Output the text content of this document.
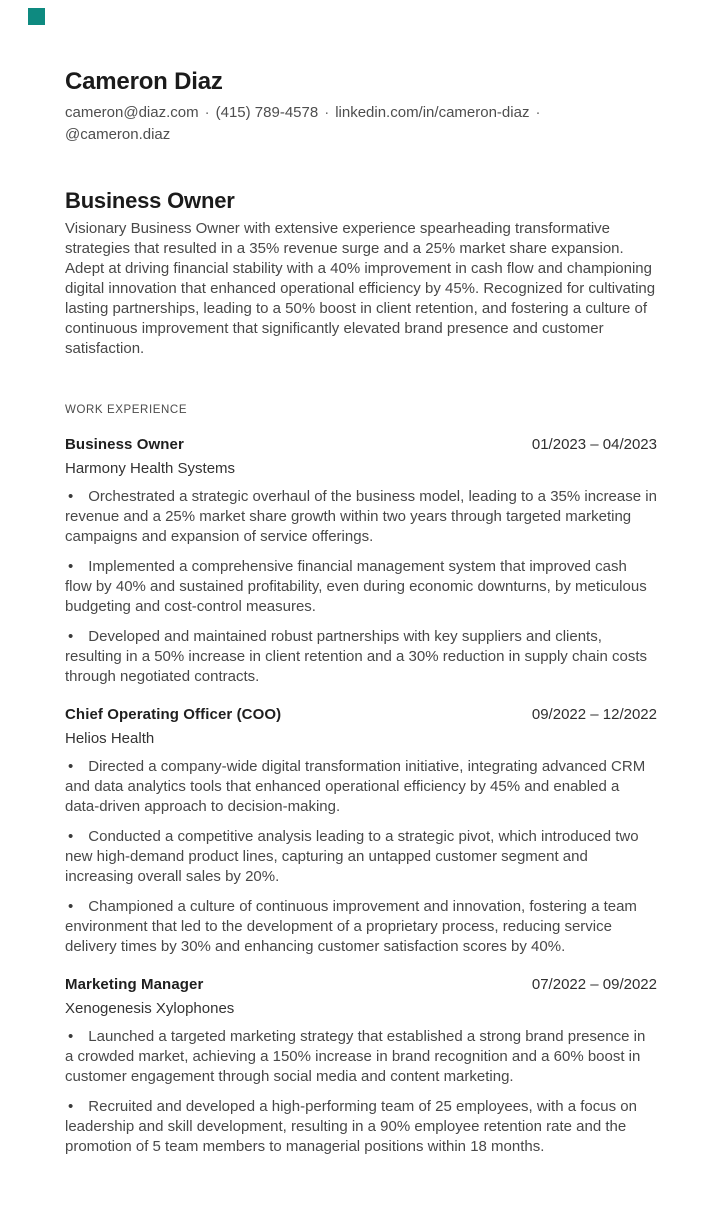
Cameron Diaz
cameron@diaz.com · (415) 789-4578 · linkedin.com/in/cameron-diaz ·
@cameron.diaz
Business Owner
Visionary Business Owner with extensive experience spearheading transformative strategies that resulted in a 35% revenue surge and a 25% market share expansion. Adept at driving financial stability with a 40% improvement in cash flow and championing digital innovation that enhanced operational efficiency by 45%. Recognized for cultivating lasting partnerships, leading to a 50% boost in client retention, and fostering a culture of continuous improvement that significantly elevated brand presence and customer satisfaction.
WORK EXPERIENCE
Business Owner	01/2023 – 04/2023
Harmony Health Systems
• Orchestrated a strategic overhaul of the business model, leading to a 35% increase in revenue and a 25% market share growth within two years through targeted marketing campaigns and expansion of service offerings.
• Implemented a comprehensive financial management system that improved cash flow by 40% and sustained profitability, even during economic downturns, by meticulous budgeting and cost-control measures.
• Developed and maintained robust partnerships with key suppliers and clients, resulting in a 50% increase in client retention and a 30% reduction in supply chain costs through negotiated contracts.
Chief Operating Officer (COO)	09/2022 – 12/2022
Helios Health
• Directed a company-wide digital transformation initiative, integrating advanced CRM and data analytics tools that enhanced operational efficiency by 45% and enabled a data-driven approach to decision-making.
• Conducted a competitive analysis leading to a strategic pivot, which introduced two new high-demand product lines, capturing an untapped customer segment and increasing overall sales by 20%.
• Championed a culture of continuous improvement and innovation, fostering a team environment that led to the development of a proprietary process, reducing service delivery times by 30% and enhancing customer satisfaction scores by 40%.
Marketing Manager	07/2022 – 09/2022
Xenogenesis Xylophones
• Launched a targeted marketing strategy that established a strong brand presence in a crowded market, achieving a 150% increase in brand recognition and a 60% boost in customer engagement through social media and content marketing.
• Recruited and developed a high-performing team of 25 employees, with a focus on leadership and skill development, resulting in a 90% employee retention rate and the promotion of 5 team members to managerial positions within 18 months.
